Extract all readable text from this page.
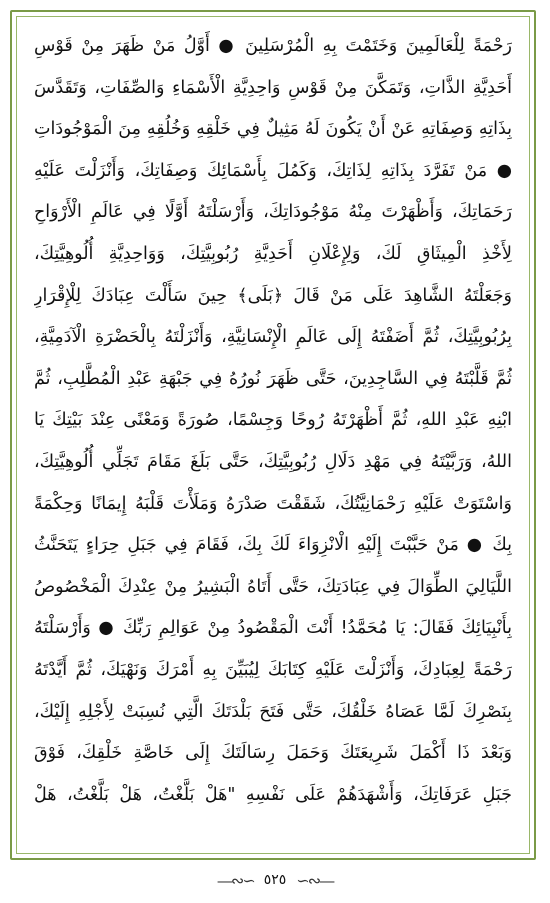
رَحْمَةً لِلْعَالَمِينَ وَخَتَمْتَ بِهِ الْمُرْسَلِينَ ● أَوَّلُ مَنْ ظَهَرَ مِنْ قَوْسِ
أَحَدِيَّةِ الذَّاتِ، وَتَمَكَّنَ مِنْ قَوْسِ وَاحِدِيَّةِ الْأَسْمَاءِ وَالصِّفَاتِ، وَتَقَدَّسَ
بِذَاتِهِ وَصِفَاتِهِ عَنْ أَنْ يَكُونَ لَهُ مَثِيلٌ فِي خَلْقِهِ وَخُلُقِهِ مِنَ الْمَوْجُودَاتِ
● مَنْ تَفَرَّدَ بِذَاتِهِ لِذَاتِكَ، وَكَمُلَ بِأَسْمَائِكَ وَصِفَاتِكَ، وَأَنْزَلْتَ عَلَيْهِ
رَحَمَاتِكَ، وَأَظْهَرْتَ مِنْهُ مَوْجُودَاتِكَ، وَأَرْسَلْتَهُ أَوَّلًا فِي عَالَمِ الْأَرْوَاحِ
لِأَخْذِ الْمِيثَاقِ لَكَ، وَلِإِعْلَانِ أَحَدِيَّةِ رُبُوبِيَّتِكَ، وَوَاحِدِيَّةِ أُلُوهِيَّتِكَ،
وَجَعَلْتَهُ الشَّاهِدَ عَلَى مَنْ قَالَ ﴿بَلَى﴾ حِينَ سَأَلْتَ عِبَادَكَ لِلْإِقْرَارِ
بِرُبُوبِيَّتِكَ، ثُمَّ أَضَفْتَهُ إِلَى عَالَمِ الْإِنْسَانِيَّةِ، وَأَنْزَلْتَهُ بِالْحَضْرَةِ الْآدَمِيَّةِ،
ثُمَّ قَلَّبْتَهُ فِي السَّاجِدِينَ، حَتَّى ظَهَرَ نُورُهُ فِي جَبْهَةِ عَبْدِ الْمُطَّلِبِ، ثُمَّ
ابْنِهِ عَبْدِ اللهِ، ثُمَّ أَظْهَرْتَهُ رُوحًا وَجِسْمًا، صُورَةً وَمَعْنًى عِنْدَ بَيْتِكَ يَا
اللهُ، وَرَبَّيْتَهُ فِي مَهْدِ دَلَالِ رُبُوبِيَّتِكَ، حَتَّى بَلَغَ مَقَامَ تَجَلِّي أُلُوهِيَّتِكَ،
وَاسْتَوَتْ عَلَيْهِ رَحْمَانِيَّتُكَ، شَقَقْتَ صَدْرَهُ وَمَلَأْتَ قَلْبَهُ إِيمَانًا وَحِكْمَةً
بِكَ ● مَنْ حَبَّبْتَ إِلَيْهِ الْانْزِوَاءَ لَكَ بِكَ، فَقَامَ فِي جَبَلِ حِرَاءٍ يَتَحَنَّثُ
اللَّيَالِيَ الطِّوَالَ فِي عِبَادَتِكَ، حَتَّى أَتَاهُ الْبَشِيرُ مِنْ عِنْدِكَ الْمَخْصُوصُ
بِأَنْبِيَائِكَ فَقَالَ: يَا مُحَمَّدُ! أَنْتَ الْمَقْصُودُ مِنْ عَوَالِمِ رَبِّكَ ● وَأَرْسَلْتَهُ
رَحْمَةً لِعِبَادِكَ، وَأَنْزَلْتَ عَلَيْهِ كِتَابَكَ لِيُبَيِّنَ بِهِ أَمْرَكَ وَنَهْيَكَ، ثُمَّ أَيَّدْتَهُ
بِنَصْرِكَ لَمَّا عَصَاهُ خَلْقُكَ، حَتَّى فَتَحَ بَلْدَتَكَ الَّتِي نُسِبَتْ لِأَجْلِهِ إِلَيْكَ،
وَبَعْدَ ذَا أَكْمَلَ شَرِيعَتَكَ وَحَمَلَ رِسَالَتَكَ إِلَى خَاصَّةِ خَلْقِكَ، فَوْقَ
جَبَلِ عَرَفَاتِكَ، وَأَشْهَدَهُمْ عَلَى نَفْسِهِ "هَلْ بَلَّغْتُ، هَلْ بَلَّغْتُ، هَلْ
—∾∽ ٥٢٥ ∽∾—
